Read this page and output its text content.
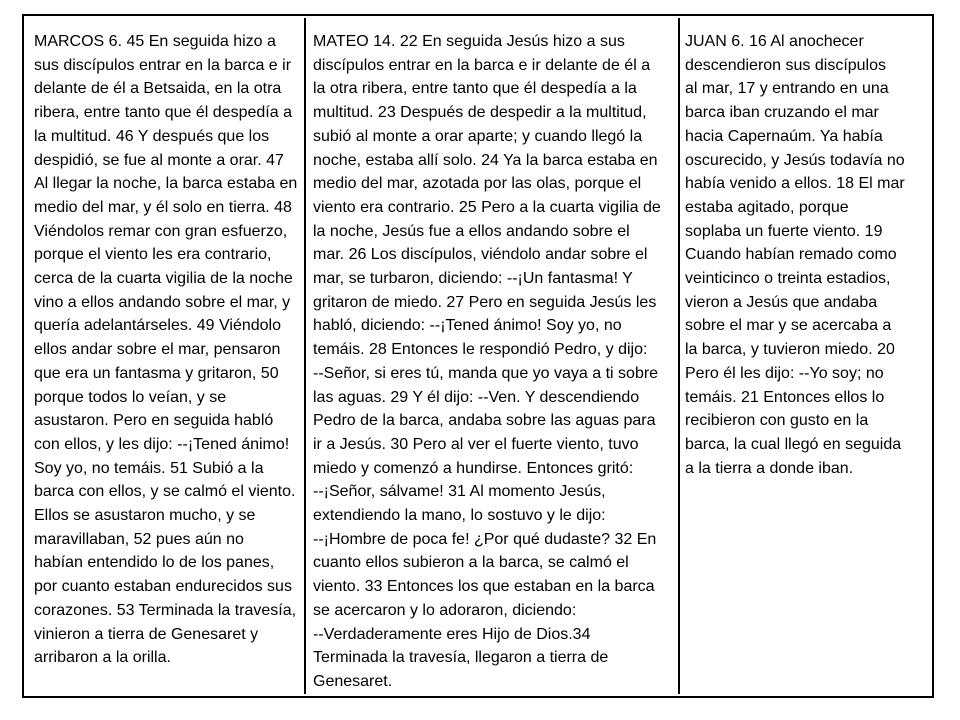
MARCOS 6. 45 En seguida hizo a
sus discípulos entrar en la barca e ir
delante de él a Betsaida, en la otra
ribera, entre tanto que él despedía a
la multitud. 46 Y después que los
despidió, se fue al monte a orar. 47
Al llegar la noche, la barca estaba en
medio del mar, y él solo en tierra. 48
Viéndolos remar con gran esfuerzo,
porque el viento les era contrario,
cerca de la cuarta vigilia de la noche
vino a ellos andando sobre el mar, y
quería adelantárseles. 49 Viéndolo
ellos andar sobre el mar, pensaron
que era un fantasma y gritaron, 50
porque todos lo veían, y se
asustaron. Pero en seguida habló
con ellos, y les dijo: --¡Tened ánimo!
Soy yo, no temáis. 51 Subió a la
barca con ellos, y se calmó el viento.
Ellos se asustaron mucho, y se
maravillaban, 52 pues aún no
habían entendido lo de los panes,
por cuanto estaban endurecidos sus
corazones. 53 Terminada la travesía,
vinieron a tierra de Genesaret y
arribaron a la orilla.

MATEO 14. 22 En seguida Jesús hizo a sus
discípulos entrar en la barca e ir delante de él a
la otra ribera, entre tanto que él despedía a la
multitud. 23 Después de despedir a la multitud,
subió al monte a orar aparte; y cuando llegó la
noche, estaba allí solo. 24 Ya la barca estaba en
medio del mar, azotada por las olas, porque el
viento era contrario. 25 Pero a la cuarta vigilia de
la noche, Jesús fue a ellos andando sobre el
mar. 26 Los discípulos, viéndolo andar sobre el
mar, se turbaron, diciendo: --¡Un fantasma! Y
gritaron de miedo. 27 Pero en seguida Jesús les
habló, diciendo: --¡Tened ánimo! Soy yo, no
temáis. 28 Entonces le respondió Pedro, y dijo:
--Señor, si eres tú, manda que yo vaya a ti sobre
las aguas. 29 Y él dijo: --Ven. Y descendiendo
Pedro de la barca, andaba sobre las aguas para
ir a Jesús. 30 Pero al ver el fuerte viento, tuvo
miedo y comenzó a hundirse. Entonces gritó:
--¡Señor, sálvame! 31 Al momento Jesús,
extendiendo la mano, lo sostuvo y le dijo:
--¡Hombre de poca fe! ¿Por qué dudaste? 32 En
cuanto ellos subieron a la barca, se calmó el
viento. 33 Entonces los que estaban en la barca
se acercaron y lo adoraron, diciendo:
--Verdaderamente eres Hijo de Dios.34
Terminada la travesía, llegaron a tierra de
Genesaret.

JUAN 6. 16 Al anochecer
descendieron sus discípulos
al mar, 17 y entrando en una
barca iban cruzando el mar
hacia Capernaúm. Ya había
oscurecido, y Jesús todavía no
había venido a ellos. 18 El mar
estaba agitado, porque
soplaba un fuerte viento. 19
Cuando habían remado como
veinticinco o treinta estadios,
vieron a Jesús que andaba
sobre el mar y se acercaba a
la barca, y tuvieron miedo. 20
Pero él les dijo: --Yo soy; no
temáis. 21 Entonces ellos lo
recibieron con gusto en la
barca, la cual llegó en seguida
a la tierra a donde iban.
